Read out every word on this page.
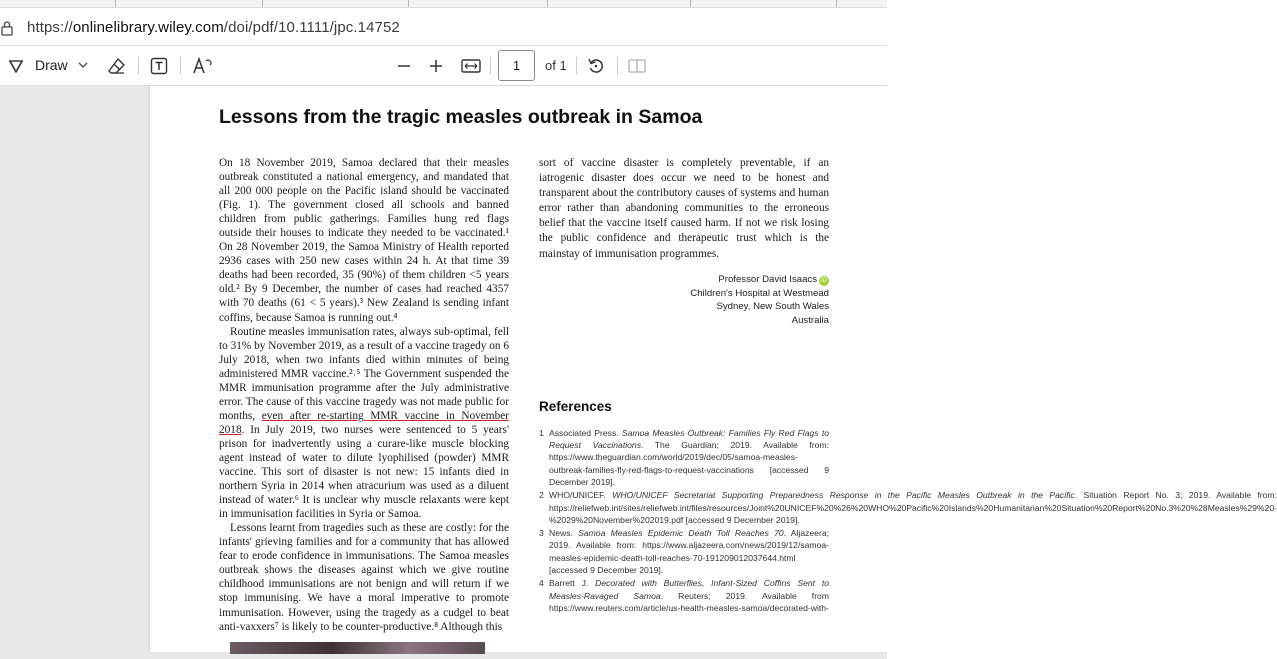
https://onlinelibrary.wiley.com/doi/pdf/10.1111/jpc.14752
Draw	1	of 1
Lessons from the tragic measles outbreak in Samoa

On 18 November 2019, Samoa declared that their measles outbreak constituted a national emergency, and mandated that all 200 000 people on the Pacific island should be vaccinated (Fig. 1). The government closed all schools and banned children from public gatherings. Families hung red flags outside their houses to indicate they needed to be vaccinated.¹ On 28 November 2019, the Samoa Ministry of Health reported 2936 cases with 250 new cases within 24 h. At that time 39 deaths had been recorded, 35 (90%) of them children <5 years old.² By 9 December, the number of cases had reached 4357 with 70 deaths (61 < 5 years).³ New Zealand is sending infant coffins, because Samoa is running out.⁴

Routine measles immunisation rates, always sub-optimal, fell to 31% by November 2019, as a result of a vaccine tragedy on 6 July 2018, when two infants died within minutes of being administered MMR vaccine.²˒⁵ The Government suspended the MMR immunisation programme after the July administrative error. The cause of this vaccine tragedy was not made public for months, even after re-starting MMR vaccine in November 2018. In July 2019, two nurses were sentenced to 5 years' prison for inadvertently using a curare-like muscle blocking agent instead of water to dilute lyophilised (powder) MMR vaccine. This sort of disaster is not new: 15 infants died in northern Syria in 2014 when atracurium was used as a diluent instead of water.⁶ It is unclear why muscle relaxants were kept in immunisation facilities in Syria or Samoa.

Lessons learnt from tragedies such as these are costly: for the infants' grieving families and for a community that has allowed fear to erode confidence in immunisations. The Samoa measles outbreak shows the diseases against which we give routine childhood immunisations are not benign and will return if we stop immunising. We have a moral imperative to promote immunisation. However, using the tragedy as a cudgel to beat anti-vaxxers⁷ is likely to be counter-productive.⁸ Although this

sort of vaccine disaster is completely preventable, if an iatrogenic disaster does occur we need to be honest and transparent about the contributory causes of systems and human error rather than abandoning communities to the erroneous belief that the vaccine itself caused harm. If not we risk losing the public confidence and therapeutic trust which is the mainstay of immunisation programmes.
Professor David Isaacs iD
Children's Hospital at Westmead
Sydney, New South Wales
Australia
References
1 Associated Press. Samoa Measles Outbreak: Families Fly Red Flags to Request Vaccinations. The Guardian; 2019. Available from: https://www.theguardian.com/world/2019/dec/05/samoa-measles-outbreak-families-fly-red-flags-to-request-vaccinations [accessed 9 December 2019].
2 WHO/UNICEF. WHO/UNICEF Secretariat Supporting Preparedness Response in the Pacific Measles Outbreak in the Pacific. Situation Report No. 3; 2019. Available from: https://reliefweb.int/sites/reliefweb.int/files/resources/Joint%20UNICEF%20%26%20WHO%20Pacific%20Islands%20Humanitarian%20Situation%20Report%20No.3%20%28Measles%29%20-%2029%20November%202019.pdf [accessed 9 December 2019].
3 News. Samoa Measles Epidemic Death Toll Reaches 70. Aljazeera; 2019. Available from: https://www.aljazeera.com/news/2019/12/samoa-measles-epidemic-death-toll-reaches-70-191209012037644.html [accessed 9 December 2019].
4 Barrett J. Decorated with Butterflies, Infant-Sized Coffins Sent to Measles-Ravaged Samoa. Reuters; 2019. Available from https://www.reuters.com/article/us-health-measles-samoa/decorated-with-
